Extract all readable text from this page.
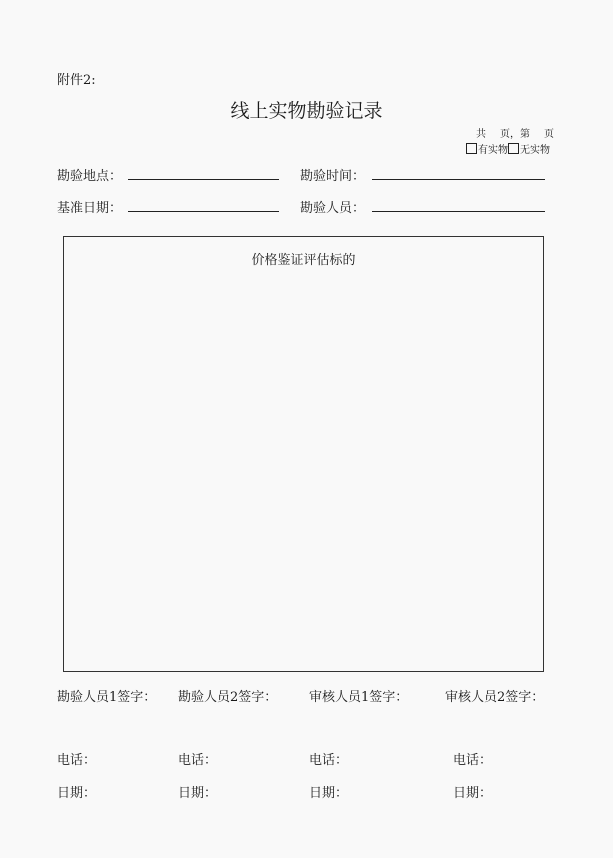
附件2:
线上实物勘验记录
共 页，第 页
有实物 无实物
勘验地点：	勘验时间：
基准日期：	勘验人员：
价格鉴证评估标的
勘验人员1签字： 勘验人员2签字： 审核人员1签字：	审核人员2签字：
电话：	电话：	电话：	电话：
日期：	日期：	日期：	日期：
